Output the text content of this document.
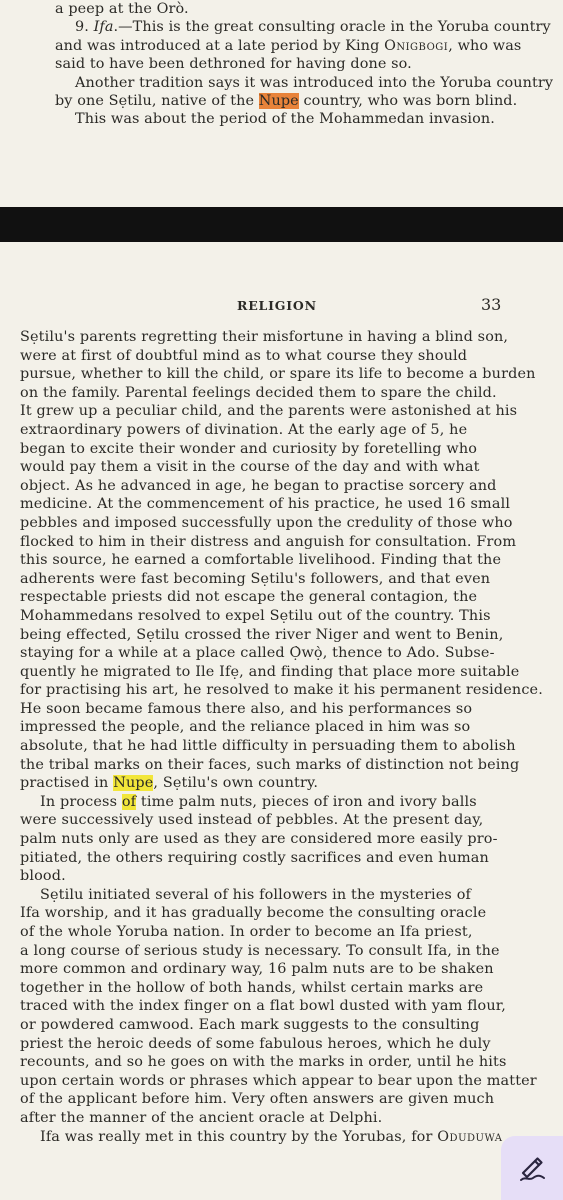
a peep at the Orò.
9. Ifa.—This is the great consulting oracle in the Yoruba country
and was introduced at a late period by King Onigbogi, who was
said to have been dethroned for having done so.
Another tradition says it was introduced into the Yoruba country
by one Sẹtilu, native of the Nupe country, who was born blind.
This was about the period of the Mohammedan invasion.
RELIGION	33
Sẹtilu's parents regretting their misfortune in having a blind son,
were at first of doubtful mind as to what course they should
pursue, whether to kill the child, or spare its life to become a burden
on the family. Parental feelings decided them to spare the child.
It grew up a peculiar child, and the parents were astonished at his
extraordinary powers of divination. At the early age of 5, he
began to excite their wonder and curiosity by foretelling who
would pay them a visit in the course of the day and with what
object. As he advanced in age, he began to practise sorcery and
medicine. At the commencement of his practice, he used 16 small
pebbles and imposed successfully upon the credulity of those who
flocked to him in their distress and anguish for consultation. From
this source, he earned a comfortable livelihood. Finding that the
adherents were fast becoming Sẹtilu's followers, and that even
respectable priests did not escape the general contagion, the
Mohammedans resolved to expel Sẹtilu out of the country. This
being effected, Sẹtilu crossed the river Niger and went to Benin,
staying for a while at a place called Ọ̀wọ̀, thence to Ado. Subse-
quently he migrated to Ile Ifẹ, and finding that place more suitable
for practising his art, he resolved to make it his permanent residence.
He soon became famous there also, and his performances so
impressed the people, and the reliance placed in him was so
absolute, that he had little difficulty in persuading them to abolish
the tribal marks on their faces, such marks of distinction not being
practised in Nupe, Sẹtilu's own country.
In process of time palm nuts, pieces of iron and ivory balls
were successively used instead of pebbles. At the present day,
palm nuts only are used as they are considered more easily pro-
pitiated, the others requiring costly sacrifices and even human
blood.
Sẹtilu initiated several of his followers in the mysteries of
Ifa worship, and it has gradually become the consulting oracle
of the whole Yoruba nation. In order to become an Ifa priest,
a long course of serious study is necessary. To consult Ifa, in the
more common and ordinary way, 16 palm nuts are to be shaken
together in the hollow of both hands, whilst certain marks are
traced with the index finger on a flat bowl dusted with yam flour,
or powdered camwood. Each mark suggests to the consulting
priest the heroic deeds of some fabulous heroes, which he duly
recounts, and so he goes on with the marks in order, until he hits
upon certain words or phrases which appear to bear upon the matter
of the applicant before him. Very often answers are given much
after the manner of the ancient oracle at Delphi.
Ifa was really met in this country by the Yorubas, for Oduduwa
